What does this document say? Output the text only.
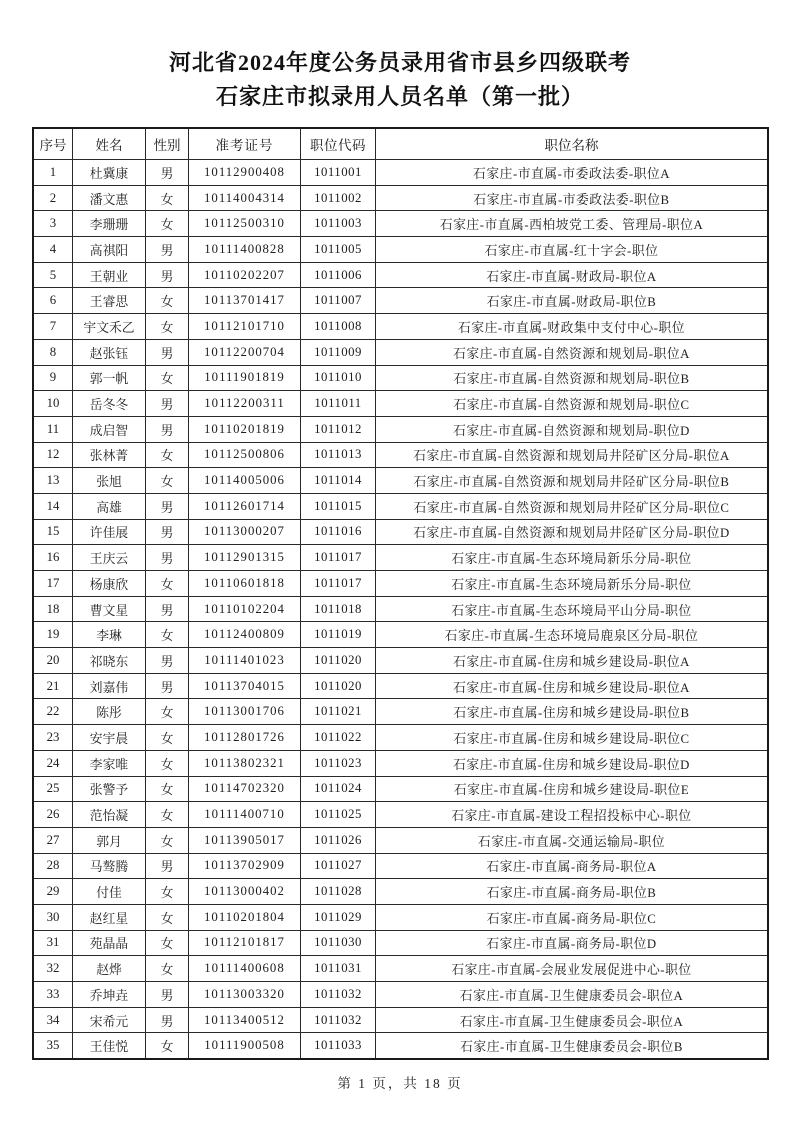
河北省2024年度公务员录用省市县乡四级联考
石家庄市拟录用人员名单（第一批）
序号	姓名	性别	准考证号	职位代码	职位名称
1	杜冀康	男	10112900408	1011001	石家庄-市直属-市委政法委-职位A
2	潘文惠	女	10114004314	1011002	石家庄-市直属-市委政法委-职位B
3	李珊珊	女	10112500310	1011003	石家庄-市直属-西柏坡党工委、管理局-职位A
4	高祺阳	男	10111400828	1011005	石家庄-市直属-红十字会-职位
5	王朝业	男	10110202207	1011006	石家庄-市直属-财政局-职位A
6	王睿思	女	10113701417	1011007	石家庄-市直属-财政局-职位B
7	宇文禾乙	女	10112101710	1011008	石家庄-市直属-财政集中支付中心-职位
8	赵张钰	男	10112200704	1011009	石家庄-市直属-自然资源和规划局-职位A
9	郭一帆	女	10111901819	1011010	石家庄-市直属-自然资源和规划局-职位B
10	岳冬冬	男	10112200311	1011011	石家庄-市直属-自然资源和规划局-职位C
11	成启智	男	10110201819	1011012	石家庄-市直属-自然资源和规划局-职位D
12	张林菁	女	10112500806	1011013	石家庄-市直属-自然资源和规划局井陉矿区分局-职位A
13	张旭	女	10114005006	1011014	石家庄-市直属-自然资源和规划局井陉矿区分局-职位B
14	高雄	男	10112601714	1011015	石家庄-市直属-自然资源和规划局井陉矿区分局-职位C
15	许佳展	男	10113000207	1011016	石家庄-市直属-自然资源和规划局井陉矿区分局-职位D
16	王庆云	男	10112901315	1011017	石家庄-市直属-生态环境局新乐分局-职位
17	杨康欣	女	10110601818	1011017	石家庄-市直属-生态环境局新乐分局-职位
18	曹文星	男	10110102204	1011018	石家庄-市直属-生态环境局平山分局-职位
19	李琳	女	10112400809	1011019	石家庄-市直属-生态环境局鹿泉区分局-职位
20	祁晓东	男	10111401023	1011020	石家庄-市直属-住房和城乡建设局-职位A
21	刘嘉伟	男	10113704015	1011020	石家庄-市直属-住房和城乡建设局-职位A
22	陈彤	女	10113001706	1011021	石家庄-市直属-住房和城乡建设局-职位B
23	安宇晨	女	10112801726	1011022	石家庄-市直属-住房和城乡建设局-职位C
24	李家唯	女	10113802321	1011023	石家庄-市直属-住房和城乡建设局-职位D
25	张警予	女	10114702320	1011024	石家庄-市直属-住房和城乡建设局-职位E
26	范怡凝	女	10111400710	1011025	石家庄-市直属-建设工程招投标中心-职位
27	郭月	女	10113905017	1011026	石家庄-市直属-交通运输局-职位
28	马骜腾	男	10113702909	1011027	石家庄-市直属-商务局-职位A
29	付佳	女	10113000402	1011028	石家庄-市直属-商务局-职位B
30	赵红星	女	10110201804	1011029	石家庄-市直属-商务局-职位C
31	苑晶晶	女	10112101817	1011030	石家庄-市直属-商务局-职位D
32	赵烨	女	10111400608	1011031	石家庄-市直属-会展业发展促进中心-职位
33	乔坤垚	男	10113003320	1011032	石家庄-市直属-卫生健康委员会-职位A
34	宋希元	男	10113400512	1011032	石家庄-市直属-卫生健康委员会-职位A
35	王佳悦	女	10111900508	1011033	石家庄-市直属-卫生健康委员会-职位B
第 1 页，共 18 页
